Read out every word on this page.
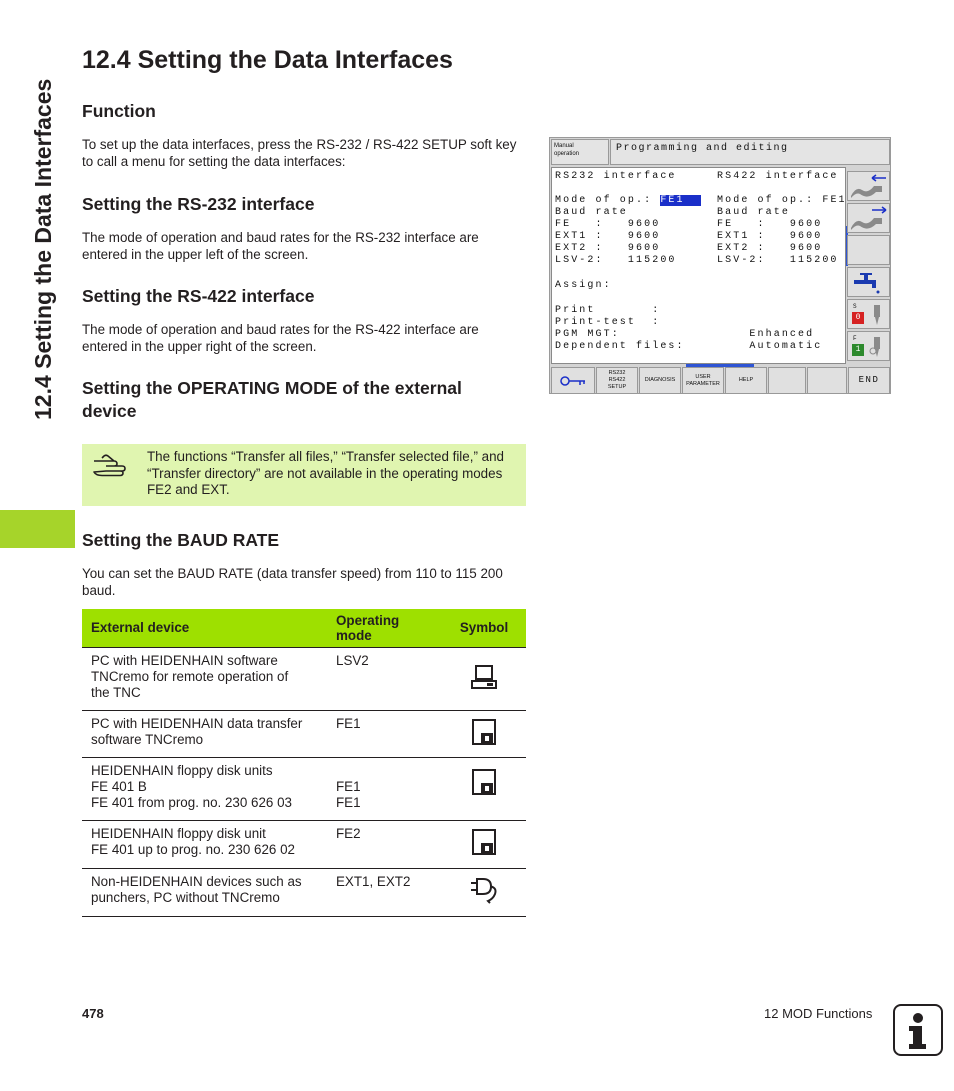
12.4 Setting the Data Interfaces
12.4 Setting the Data Interfaces
Function

To set up the data interfaces, press the RS-232 / RS-422 SETUP soft key to call a menu for setting the data interfaces:

Setting the RS-232 interface

The mode of operation and baud rates for the RS-232 interface are entered in the upper left of the screen.

Setting the RS-422 interface

The mode of operation and baud rates for the RS-422 interface are entered in the upper right of the screen.

Setting the OPERATING MODE of the external
device
The functions “Transfer all files,” “Transfer selected file,” and “Transfer directory” are not available in the operating modes FE2 and EXT.
Setting the BAUD RATE

You can set the BAUD RATE (data transfer speed) from 110 to 115 200 baud.

External device	Operating mode	Symbol
PC with HEIDENHAIN software
TNCremo for remote operation of
the TNC	LSV2	
PC with HEIDENHAIN data transfer
software TNCremo	FE1	
HEIDENHAIN floppy disk units
FE 401 B
FE 401 from prog. no. 230 626 03	FE1
FE1	
HEIDENHAIN floppy disk unit
FE 401 up to prog. no. 230 626 02	FE2	
Non-HEIDENHAIN devices such as
punchers, PC without TNCremo	EXT1, EXT2	
Manual
operation	Programming and editing
RS232 interface     RS422 interface
Mode of op.: FE1    Mode of op.: FE1
Baud rate           Baud rate
FE   :   9600       FE   :   9600
EXT1 :   9600       EXT1 :   9600
EXT2 :   9600       EXT2 :   9600
LSV-2:   115200     LSV-2:   115200
Assign:
Print       :
Print-test  :
PGM MGT:                Enhanced
Dependent files:        Automatic
S
0
F
1
RS232
RS422
SETUP
DIAGNOSIS
USER
PARAMETER
HELP	END
478	12 MOD Functions
